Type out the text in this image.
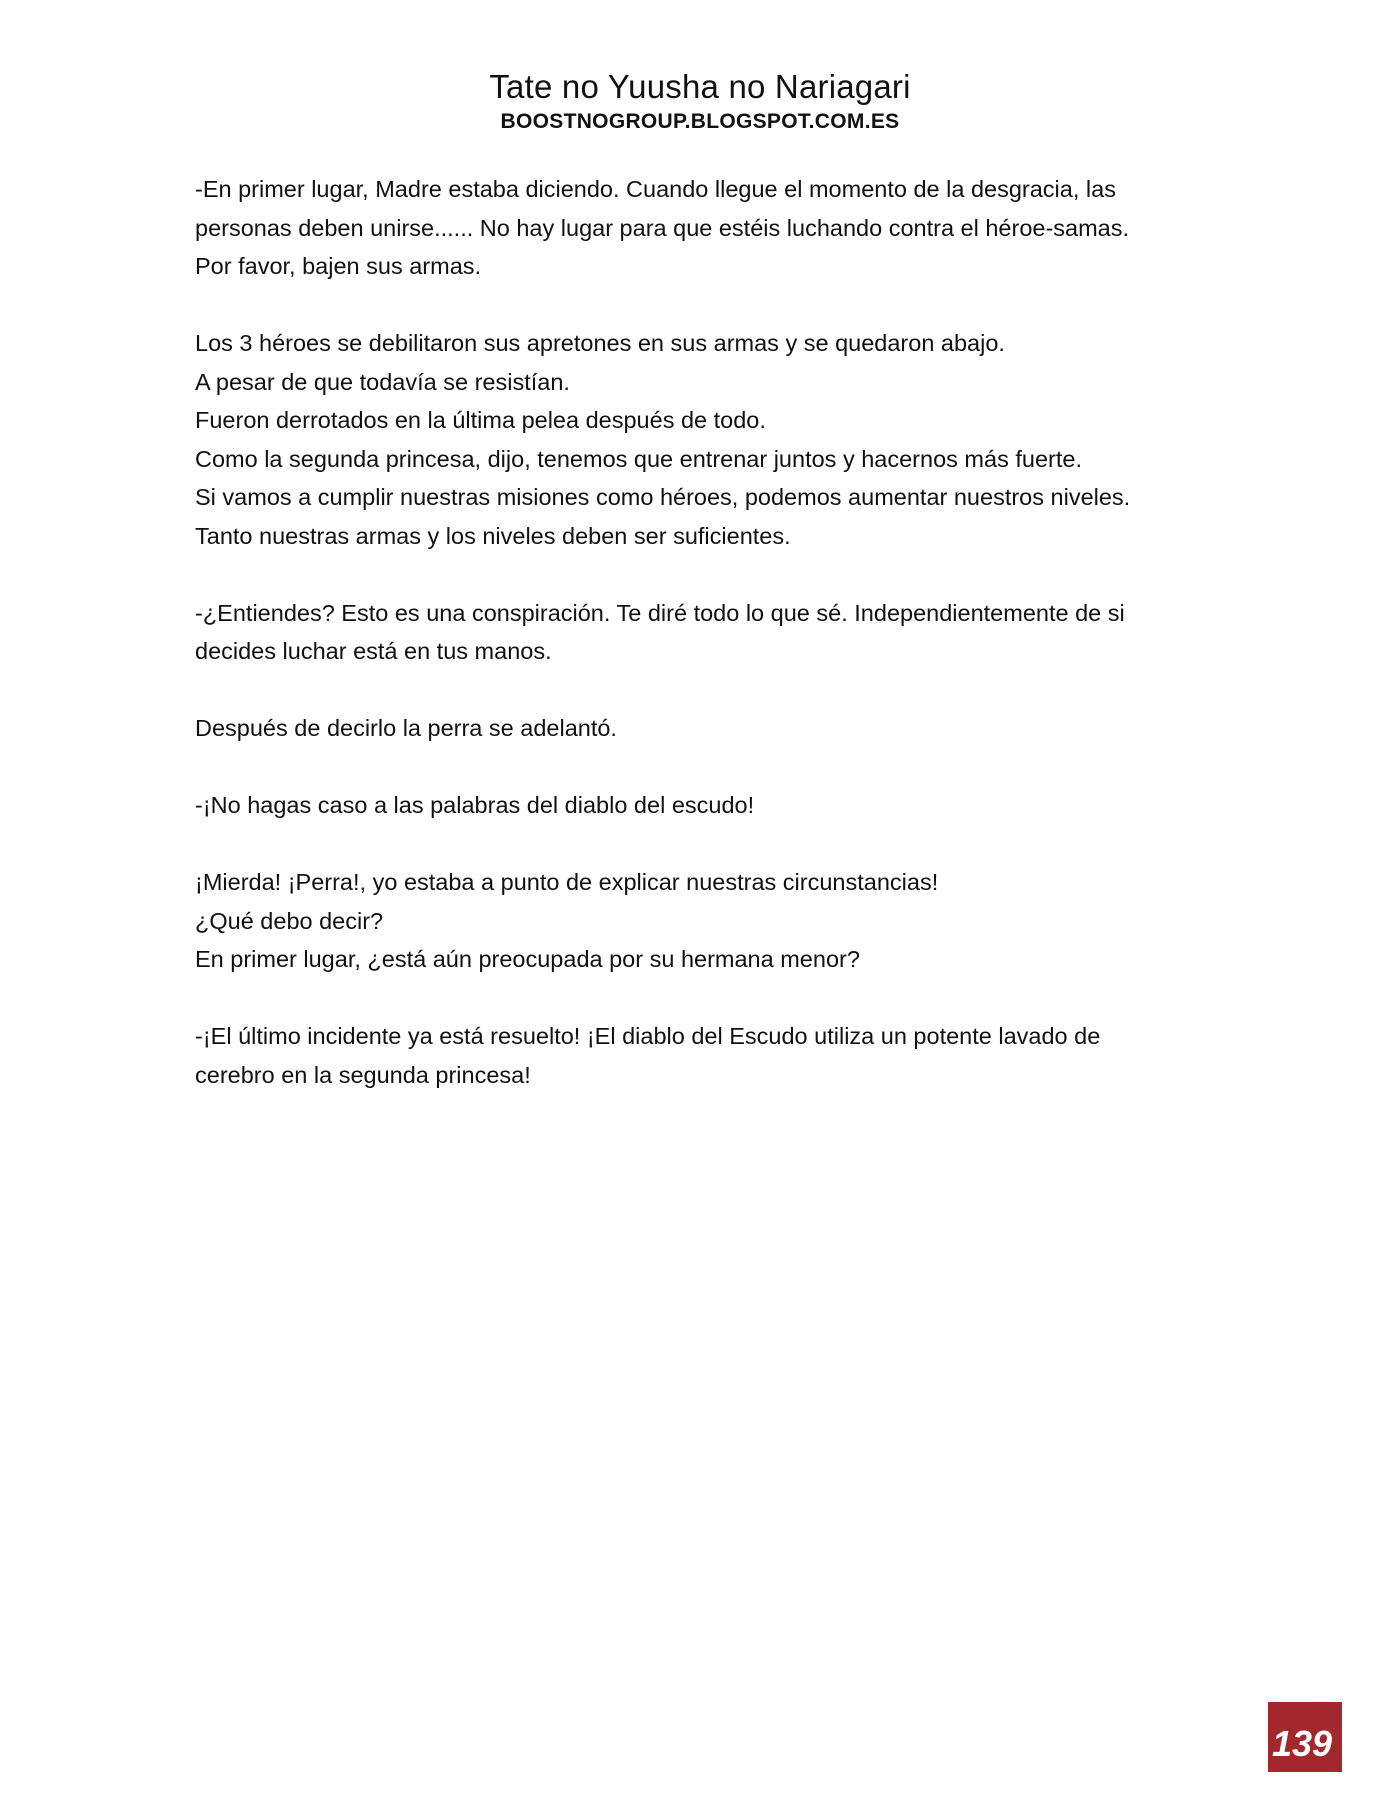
Tate no Yuusha no Nariagari
BOOSTNOGROUP.BLOGSPOT.COM.ES

-En primer lugar, Madre estaba diciendo. Cuando llegue el momento de la desgracia, las
personas deben unirse...... No hay lugar para que estéis luchando contra el héroe-samas.
Por favor, bajen sus armas.

Los 3 héroes se debilitaron sus apretones en sus armas y se quedaron abajo.
A pesar de que todavía se resistían.
Fueron derrotados en la última pelea después de todo.
Como la segunda princesa, dijo, tenemos que entrenar juntos y hacernos más fuerte.
Si vamos a cumplir nuestras misiones como héroes, podemos aumentar nuestros niveles.
Tanto nuestras armas y los niveles deben ser suficientes.

-¿Entiendes? Esto es una conspiración. Te diré todo lo que sé. Independientemente de si
decides luchar está en tus manos.

Después de decirlo la perra se adelantó.

-¡No hagas caso a las palabras del diablo del escudo!

¡Mierda! ¡Perra!, yo estaba a punto de explicar nuestras circunstancias!
¿Qué debo decir?
En primer lugar, ¿está aún preocupada por su hermana menor?

-¡El último incidente ya está resuelto! ¡El diablo del Escudo utiliza un potente lavado de
cerebro en la segunda princesa!

139
